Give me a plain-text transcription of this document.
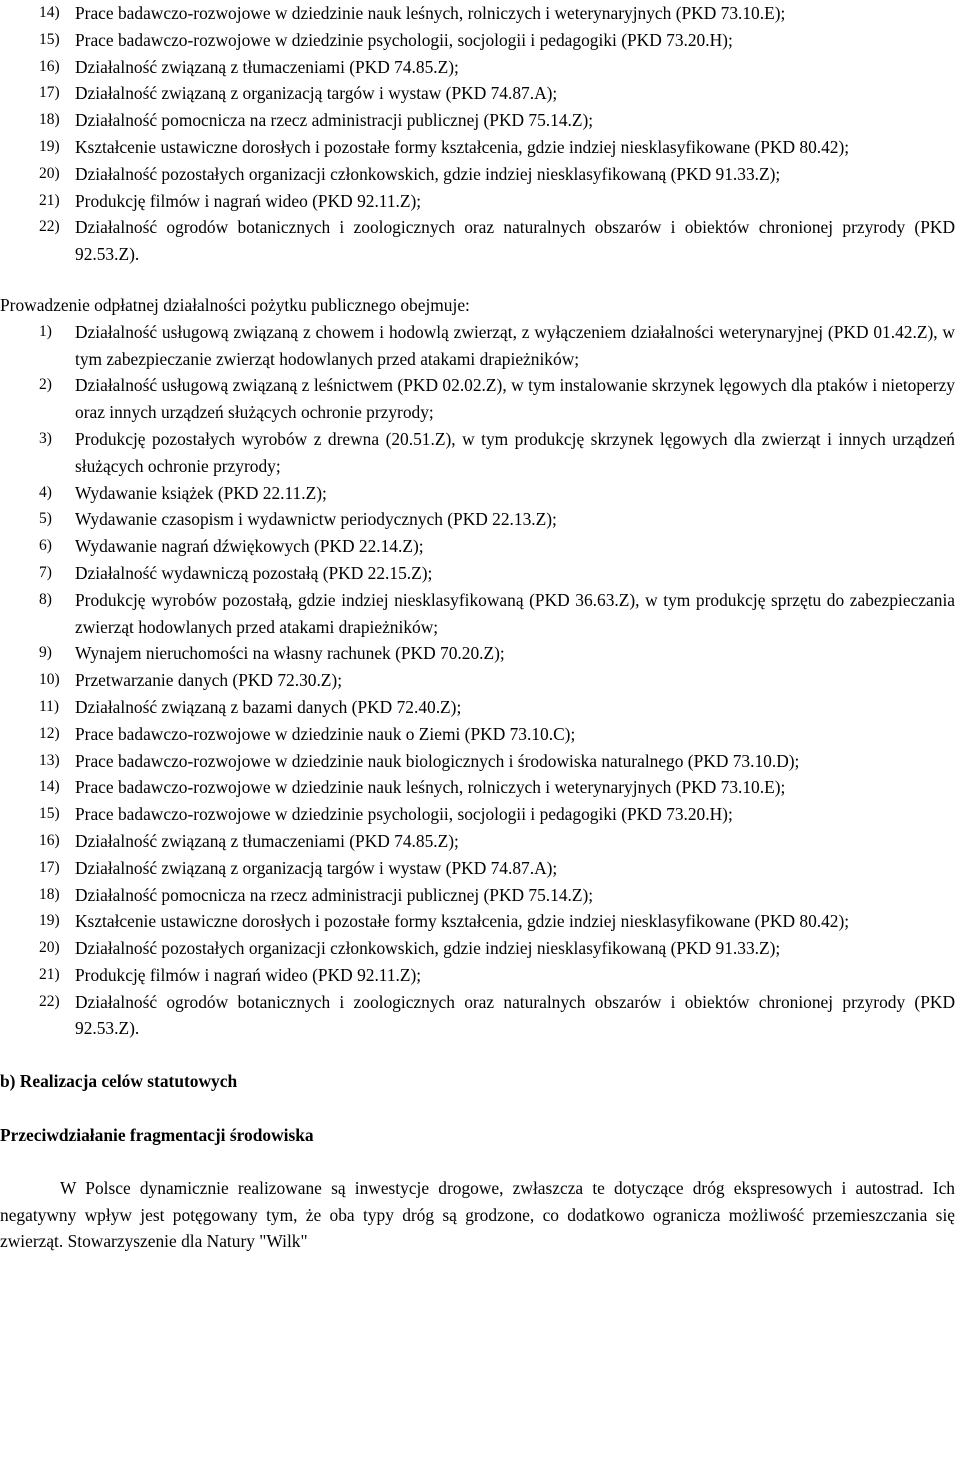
14) Prace badawczo-rozwojowe w dziedzinie nauk leśnych, rolniczych i weterynaryjnych (PKD 73.10.E);
15) Prace badawczo-rozwojowe w dziedzinie psychologii, socjologii i pedagogiki (PKD 73.20.H);
16) Działalność związaną z tłumaczeniami (PKD 74.85.Z);
17) Działalność związaną z organizacją targów i wystaw (PKD 74.87.A);
18) Działalność pomocnicza na rzecz administracji publicznej (PKD 75.14.Z);
19) Kształcenie ustawiczne dorosłych i pozostałe formy kształcenia, gdzie indziej niesklasyfikowane (PKD 80.42);
20) Działalność pozostałych organizacji członkowskich, gdzie indziej niesklasyfikowaną (PKD 91.33.Z);
21) Produkcję filmów i nagrań wideo (PKD 92.11.Z);
22) Działalność ogrodów botanicznych i zoologicznych oraz naturalnych obszarów i obiektów chronionej przyrody (PKD 92.53.Z).

Prowadzenie odpłatnej działalności pożytku publicznego obejmuje:

1) Działalność usługową związaną z chowem i hodowlą zwierząt, z wyłączeniem działalności weterynaryjnej (PKD 01.42.Z), w tym zabezpieczanie zwierząt hodowlanych przed atakami drapieżników;
2) Działalność usługową związaną z leśnictwem (PKD 02.02.Z), w tym instalowanie skrzynek lęgowych dla ptaków i nietoperzy oraz innych urządzeń służących ochronie przyrody;
3) Produkcję pozostałych wyrobów z drewna (20.51.Z), w tym produkcję skrzynek lęgowych dla zwierząt i innych urządzeń służących ochronie przyrody;
4) Wydawanie książek (PKD 22.11.Z);
5) Wydawanie czasopism i wydawnictw periodycznych (PKD 22.13.Z);
6) Wydawanie nagrań dźwiękowych (PKD 22.14.Z);
7) Działalność wydawniczą pozostałą (PKD 22.15.Z);
8) Produkcję wyrobów pozostałą, gdzie indziej niesklasyfikowaną (PKD 36.63.Z), w tym produkcję sprzętu do zabezpieczania zwierząt hodowlanych przed atakami drapieżników;
9) Wynajem nieruchomości na własny rachunek (PKD 70.20.Z);
10) Przetwarzanie danych (PKD 72.30.Z);
11) Działalność związaną z bazami danych (PKD 72.40.Z);
12) Prace badawczo-rozwojowe w dziedzinie nauk o Ziemi (PKD 73.10.C);
13) Prace badawczo-rozwojowe w dziedzinie nauk biologicznych i środowiska naturalnego (PKD 73.10.D);
14) Prace badawczo-rozwojowe w dziedzinie nauk leśnych, rolniczych i weterynaryjnych (PKD 73.10.E);
15) Prace badawczo-rozwojowe w dziedzinie psychologii, socjologii i pedagogiki (PKD 73.20.H);
16) Działalność związaną z tłumaczeniami (PKD 74.85.Z);
17) Działalność związaną z organizacją targów i wystaw (PKD 74.87.A);
18) Działalność pomocnicza na rzecz administracji publicznej (PKD 75.14.Z);
19) Kształcenie ustawiczne dorosłych i pozostałe formy kształcenia, gdzie indziej niesklasyfikowane (PKD 80.42);
20) Działalność pozostałych organizacji członkowskich, gdzie indziej niesklasyfikowaną (PKD 91.33.Z);
21) Produkcję filmów i nagrań wideo (PKD 92.11.Z);
22) Działalność ogrodów botanicznych i zoologicznych oraz naturalnych obszarów i obiektów chronionej przyrody (PKD 92.53.Z).

b) Realizacja celów statutowych

Przeciwdziałanie fragmentacji środowiska

W Polsce dynamicznie realizowane są inwestycje drogowe, zwłaszcza te dotyczące dróg ekspresowych i autostrad. Ich negatywny wpływ jest potęgowany tym, że oba typy dróg są grodzone, co dodatkowo ogranicza możliwość przemieszczania się zwierząt. Stowarzyszenie dla Natury "Wilk"
